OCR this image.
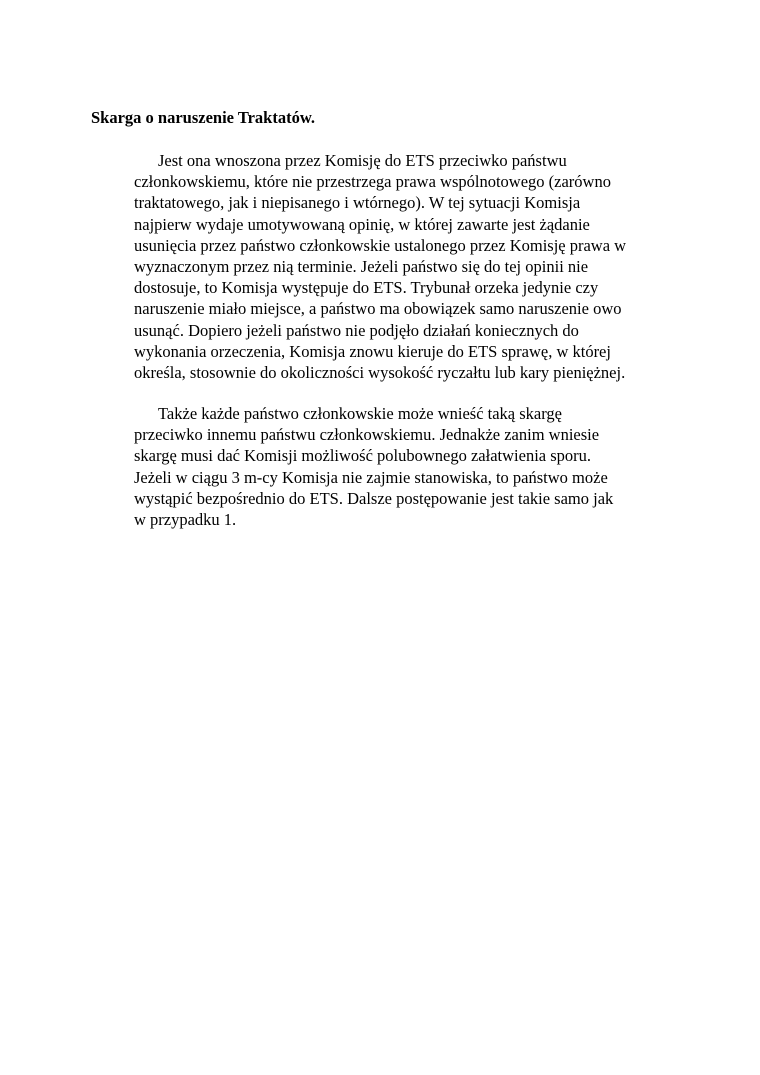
Skarga o naruszenie Traktatów.

Jest ona wnoszona przez Komisję do ETS przeciwko państwu
członkowskiemu, które nie przestrzega prawa wspólnotowego (zarówno
traktatowego, jak i niepisanego i wtórnego). W tej sytuacji Komisja
najpierw wydaje umotywowaną opinię, w której zawarte jest żądanie
usunięcia przez państwo członkowskie ustalonego przez Komisję prawa w
wyznaczonym przez nią terminie. Jeżeli państwo się do tej opinii nie
dostosuje, to Komisja występuje do ETS. Trybunał orzeka jedynie czy
naruszenie miało miejsce, a państwo ma obowiązek samo naruszenie owo
usunąć. Dopiero jeżeli państwo nie podjęło działań koniecznych do
wykonania orzeczenia, Komisja znowu kieruje do ETS sprawę, w której
określa, stosownie do okoliczności wysokość ryczałtu lub kary pieniężnej.

Także każde państwo członkowskie może wnieść taką skargę
przeciwko innemu państwu członkowskiemu. Jednakże zanim wniesie
skargę musi dać Komisji możliwość polubownego załatwienia sporu.
Jeżeli w ciągu 3 m-cy Komisja nie zajmie stanowiska, to państwo może
wystąpić bezpośrednio do ETS. Dalsze postępowanie jest takie samo jak
w przypadku 1.
